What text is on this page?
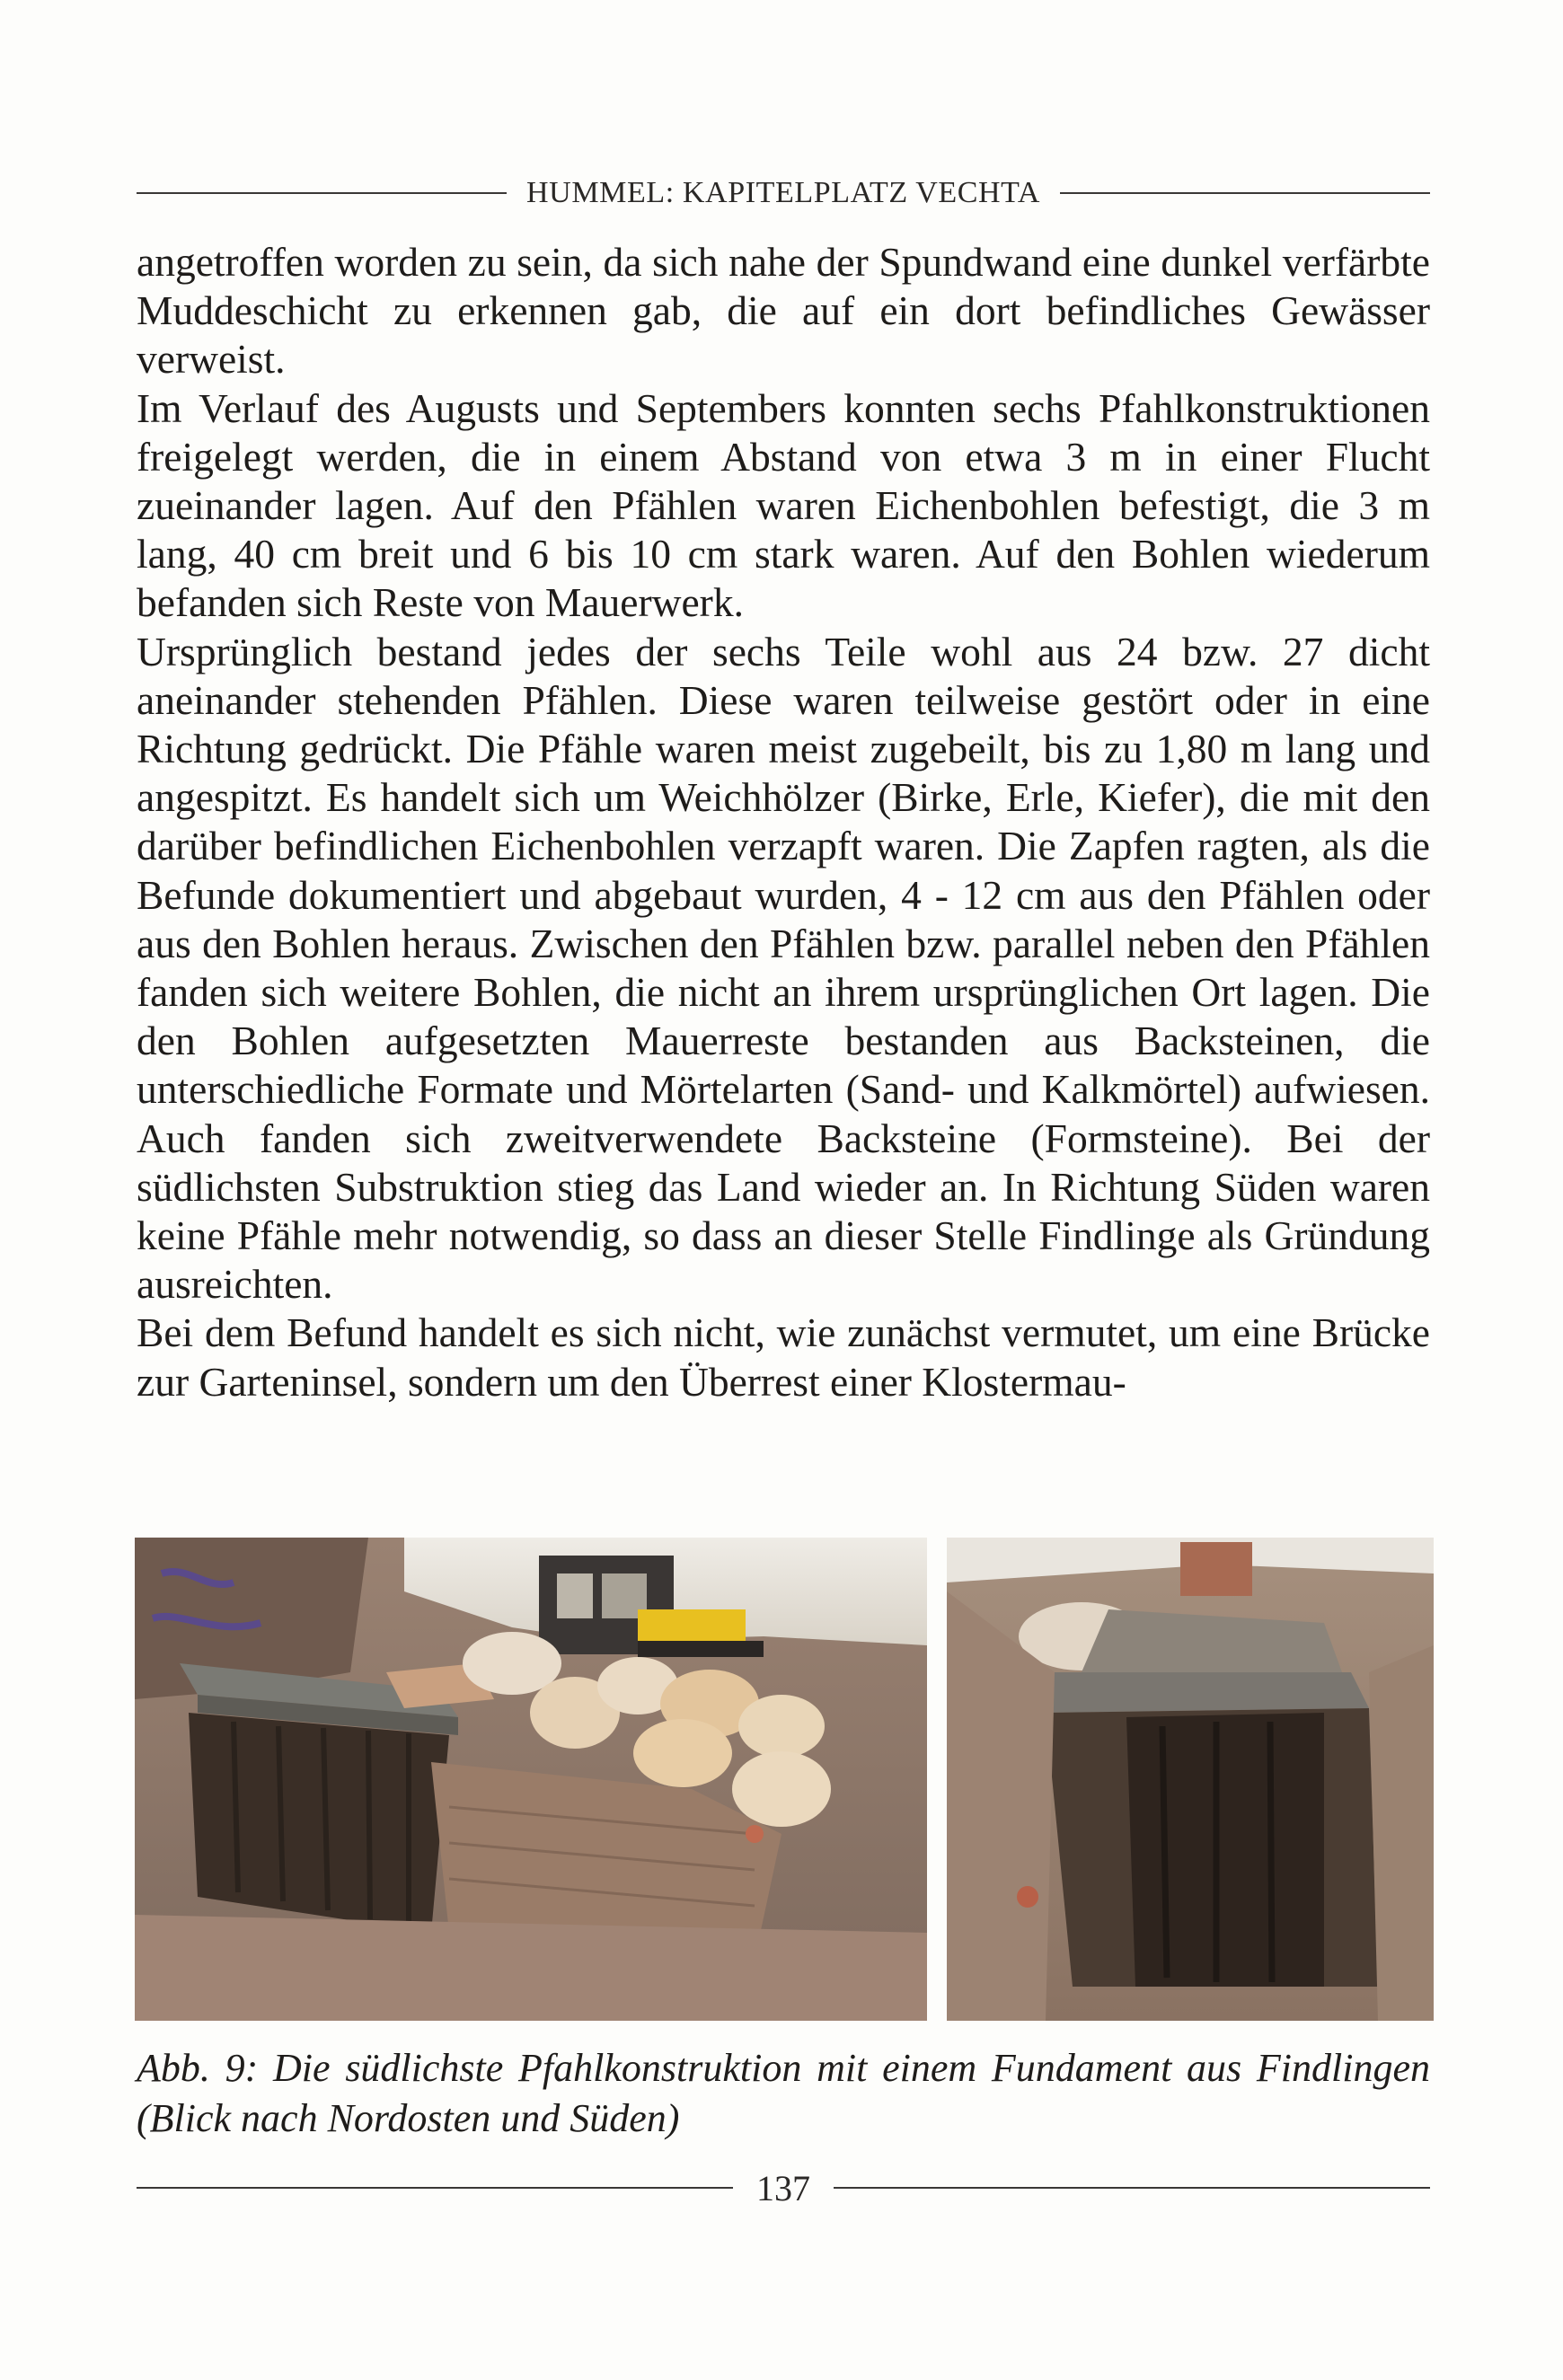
HUMMEL: KAPITELPLATZ VECHTA

angetroffen worden zu sein, da sich nahe der Spundwand eine dunkel verfärbte Muddeschicht zu erkennen gab, die auf ein dort befindliches Gewässer verweist.

Im Verlauf des Augusts und Septembers konnten sechs Pfahlkonstruktionen freigelegt werden, die in einem Abstand von etwa 3 m in einer Flucht zueinander lagen. Auf den Pfählen waren Eichenbohlen befestigt, die 3 m lang, 40 cm breit und 6 bis 10 cm stark waren. Auf den Bohlen wiederum befanden sich Reste von Mauerwerk.

Ursprünglich bestand jedes der sechs Teile wohl aus 24 bzw. 27 dicht aneinander stehenden Pfählen. Diese waren teilweise gestört oder in eine Richtung gedrückt. Die Pfähle waren meist zugebeilt, bis zu 1,80 m lang und angespitzt. Es handelt sich um Weichhölzer (Birke, Erle, Kiefer), die mit den darüber befindlichen Eichenbohlen verzapft waren. Die Zapfen ragten, als die Befunde dokumentiert und abgebaut wurden, 4 - 12 cm aus den Pfählen oder aus den Bohlen heraus. Zwischen den Pfählen bzw. parallel neben den Pfählen fanden sich weitere Bohlen, die nicht an ihrem ursprünglichen Ort lagen. Die den Bohlen aufgesetzten Mauerreste bestanden aus Backsteinen, die unterschiedliche Formate und Mörtelarten (Sand- und Kalkmörtel) aufwiesen. Auch fanden sich zweitverwendete Backsteine (Formsteine). Bei der südlichsten Substruktion stieg das Land wieder an. In Richtung Süden waren keine Pfähle mehr notwendig, so dass an dieser Stelle Findlinge als Gründung ausreichten.

Bei dem Befund handelt es sich nicht, wie zunächst vermutet, um eine Brücke zur Garteninsel, sondern um den Überrest einer Klostermau-

Abb. 9: Die südlichste Pfahlkonstruktion mit einem Fundament aus Findlingen (Blick nach Nordosten und Süden)
137
